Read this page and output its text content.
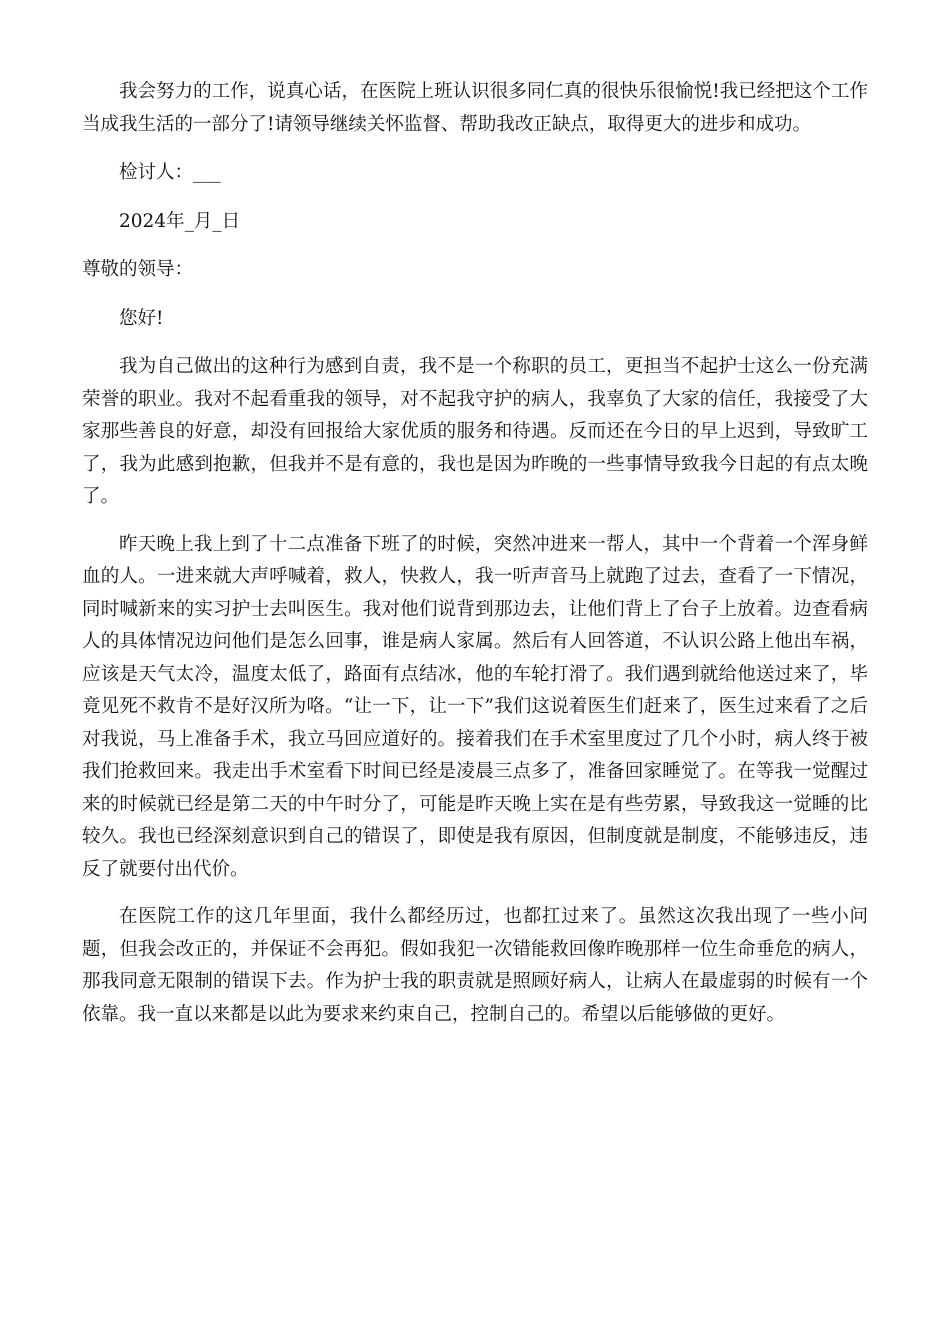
我会努力的工作，说真心话，在医院上班认识很多同仁真的很快乐很愉悦!我已经把这个工作当成我生活的一部分了!请领导继续关怀监督、帮助我改正缺点，取得更大的进步和成功。

检讨人：___

2024年_月_日

尊敬的领导：

您好!

我为自己做出的这种行为感到自责，我不是一个称职的员工，更担当不起护士这么一份充满荣誉的职业。我对不起看重我的领导，对不起我守护的病人，我辜负了大家的信任，我接受了大家那些善良的好意，却没有回报给大家优质的服务和待遇。反而还在今日的早上迟到，导致旷工了，我为此感到抱歉，但我并不是有意的，我也是因为昨晚的一些事情导致我今日起的有点太晚了。

昨天晚上我上到了十二点准备下班了的时候，突然冲进来一帮人，其中一个背着一个浑身鲜血的人。一进来就大声呼喊着，救人，快救人，我一听声音马上就跑了过去，查看了一下情况，同时喊新来的实习护士去叫医生。我对他们说背到那边去，让他们背上了台子上放着。边查看病人的具体情况边问他们是怎么回事，谁是病人家属。然后有人回答道，不认识公路上他出车祸，应该是天气太冷，温度太低了，路面有点结冰，他的车轮打滑了。我们遇到就给他送过来了，毕竟见死不救肯不是好汉所为咯。“让一下，让一下”我们这说着医生们赶来了，医生过来看了之后对我说，马上准备手术，我立马回应道好的。接着我们在手术室里度过了几个小时，病人终于被我们抢救回来。我走出手术室看下时间已经是凌晨三点多了，准备回家睡觉了。在等我一觉醒过来的时候就已经是第二天的中午时分了，可能是昨天晚上实在是有些劳累，导致我这一觉睡的比较久。我也已经深刻意识到自己的错误了，即使是我有原因，但制度就是制度，不能够违反，违反了就要付出代价。

在医院工作的这几年里面，我什么都经历过，也都扛过来了。虽然这次我出现了一些小问题，但我会改正的，并保证不会再犯。假如我犯一次错能救回像昨晚那样一位生命垂危的病人，那我同意无限制的错误下去。作为护士我的职责就是照顾好病人，让病人在最虚弱的时候有一个依靠。我一直以来都是以此为要求来约束自己，控制自己的。希望以后能够做的更好。
